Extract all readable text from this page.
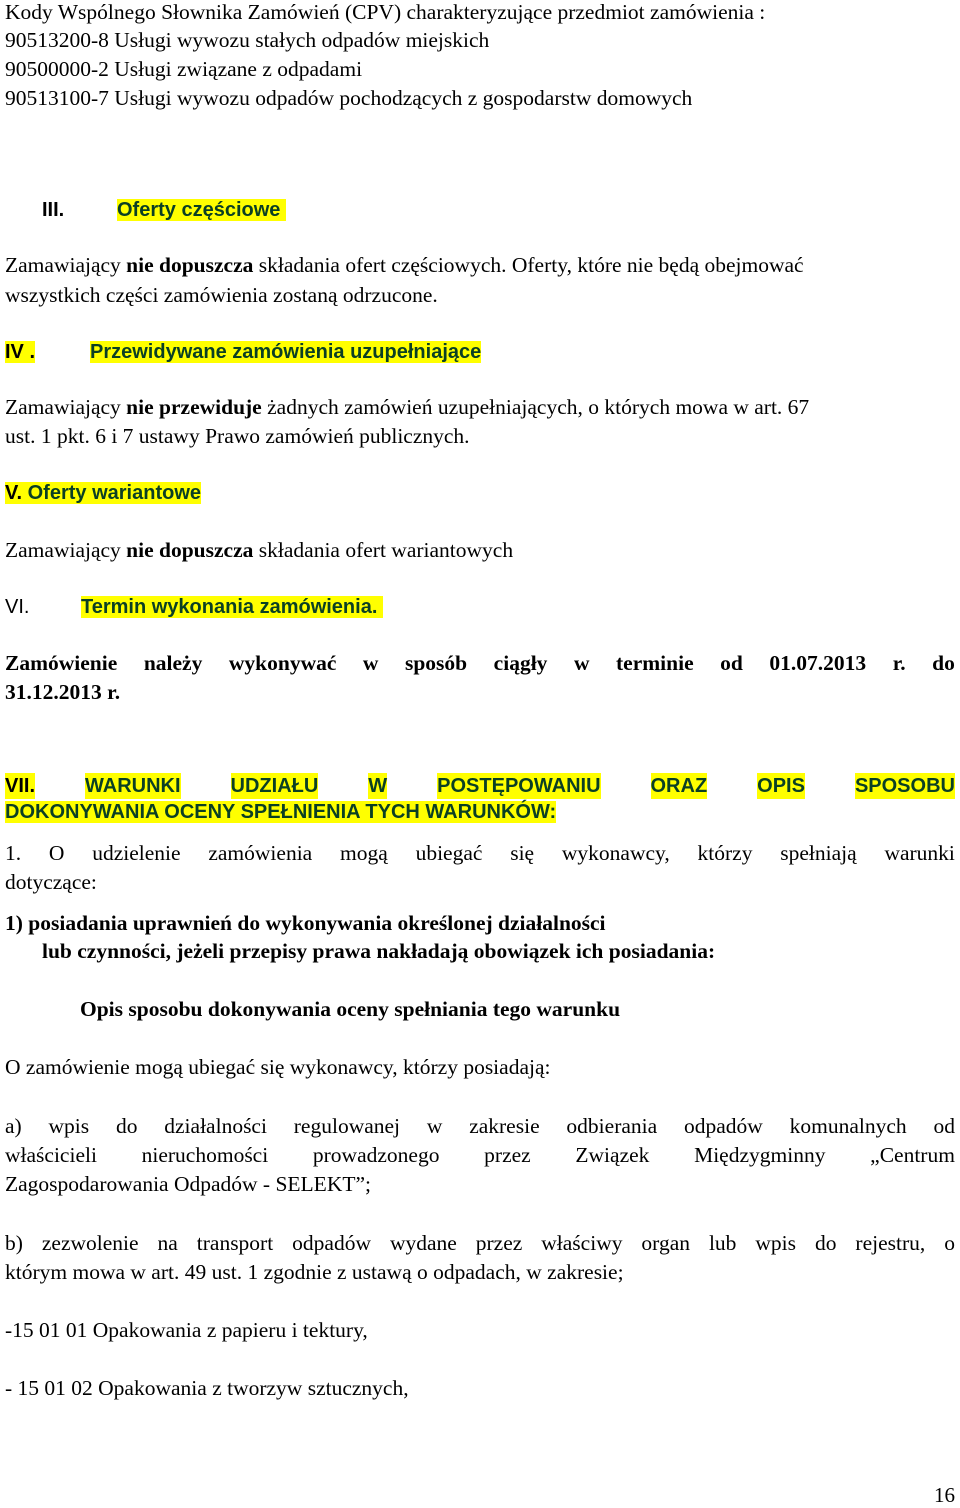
Kody Wspólnego Słownika Zamówień (CPV) charakteryzujące przedmiot zamówienia :
90513200-8 Usługi wywozu stałych odpadów miejskich
90500000-2 Usługi związane z odpadami
90513100-7 Usługi wywozu odpadów pochodzących z gospodarstw domowych
III.	Oferty częściowe
Zamawiający nie dopuszcza składania ofert częściowych. Oferty, które nie będą obejmować
wszystkich części zamówienia zostaną odrzucone.
IV .	Przewidywane zamówienia uzupełniające
Zamawiający nie przewiduje żadnych zamówień uzupełniających, o których mowa w art. 67
ust. 1 pkt. 6 i 7 ustawy Prawo zamówień publicznych.
V. Oferty wariantowe
Zamawiający nie dopuszcza składania ofert wariantowych
VI.	Termin wykonania zamówienia.
Zamówienie należy wykonywać w sposób ciągły w terminie od 01.07.2013 r. do
31.12.2013 r.
VII. WARUNKI UDZIAŁU W POSTĘPOWANIU ORAZ OPIS SPOSOBU
DOKONYWANIA OCENY SPEŁNIENIA TYCH WARUNKÓW:
1. O udzielenie zamówienia mogą ubiegać się wykonawcy, którzy spełniają warunki
dotyczące:
1) posiadania uprawnień do wykonywania określonej działalności
lub czynności, jeżeli przepisy prawa nakładają obowiązek ich posiadania:
Opis sposobu dokonywania oceny spełniania tego warunku
O zamówienie mogą ubiegać się wykonawcy, którzy posiadają:
a) wpis do działalności regulowanej w zakresie odbierania odpadów komunalnych od
właścicieli nieruchomości prowadzonego przez Związek Międzygminny „Centrum
Zagospodarowania Odpadów - SELEKT”;
b) zezwolenie na transport odpadów wydane przez właściwy organ lub wpis do rejestru, o
którym mowa w art. 49 ust. 1 zgodnie z ustawą o odpadach, w zakresie;
-15 01 01 Opakowania z papieru i tektury,
- 15 01 02 Opakowania z tworzyw sztucznych,
16
